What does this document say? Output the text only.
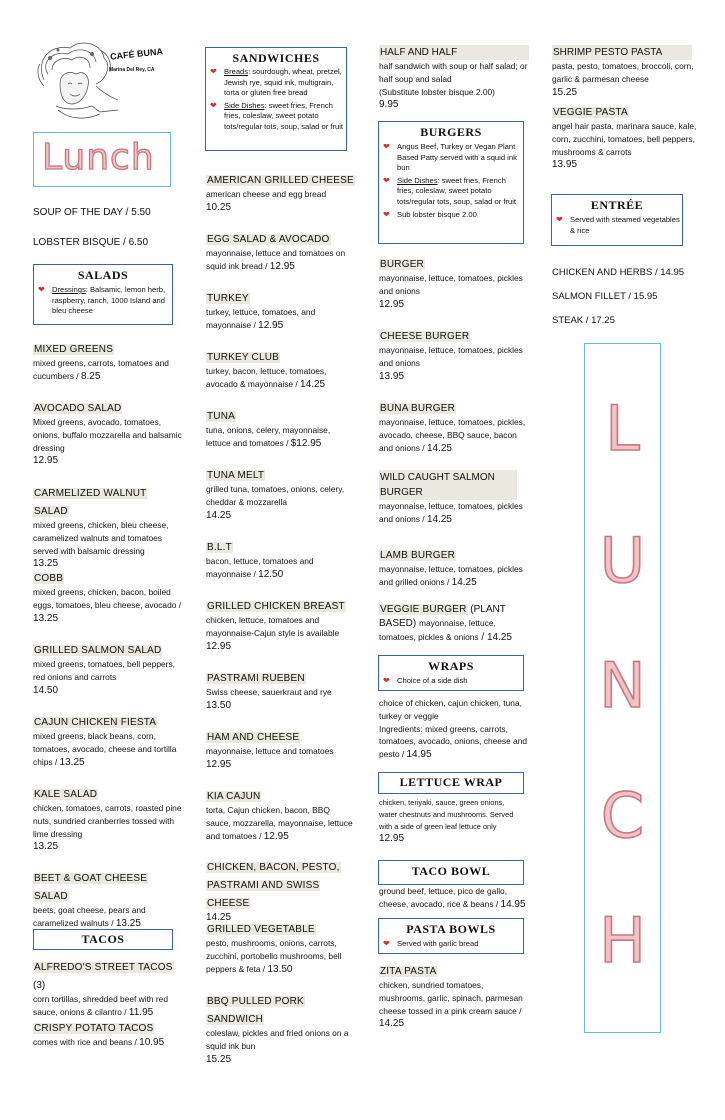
CAFÉ BUNA
Marina Del Rey, CA
Lunch
SOUP OF THE DAY / 5.50
LOBSTER BISQUE / 6.50
SALADS
❤ Dressings: Balsamic, lemon herb, raspberry, ranch, 1000 Island and bleu cheese
MIXED GREENS
mixed greens, carrots, tomatoes and cucumbers / 8.25
AVOCADO SALAD
Mixed greens, avocado, tomatoes, onions, buffalo mozzarella and balsamic dressing
12.95
CARMELIZED WALNUT SALAD
mixed greens, chicken, bleu cheese, caramelized walnuts and tomatoes served with balsamic dressing
13.25
COBB
mixed greens, chicken, bacon, boiled eggs, tomatoes, bleu cheese, avocado / 13.25
GRILLED SALMON SALAD
mixed greens, tomatoes, bell peppers, red onions and carrots
14.50
CAJUN CHICKEN FIESTA
mixed greens, black beans, corn, tomatoes, avocado, cheese and tortilla chips / 13.25
KALE SALAD
chicken, tomatoes, carrots, roasted pine nuts, sundried cranberries tossed with lime dressing
13.25
BEET & GOAT CHEESE SALAD
beets, goat cheese, pears and caramelized walnuts / 13.25
TACOS
ALFREDO'S STREET TACOS (3)
corn tortillas, shredded beef with red sauce, onions & cilantro / 11.95
CRISPY POTATO TACOS
comes with rice and beans / 10.95
SANDWICHES
❤ Breads: sourdough, wheat, pretzel, Jewish rye, squid ink, multigrain, torta or gluten free bread
❤ Side Dishes: sweet fries, French fries, coleslaw, sweet potato tots/regular tots, soup, salad or fruit
AMERICAN GRILLED CHEESE
american cheese and egg bread
10.25
EGG SALAD & AVOCADO
mayonnaise, lettuce and tomatoes on squid ink bread / 12.95
TURKEY
turkey, lettuce, tomatoes, and mayonnaise / 12.95
TURKEY CLUB
turkey, bacon, lettuce, tomatoes, avocado & mayonnaise / 14.25
TUNA
tuna, onions, celery, mayonnaise, lettuce and tomatoes / $12.95
TUNA MELT
grilled tuna, tomatoes, onions, celery, cheddar & mozzarella
14.25
B.L.T
bacon, lettuce, tomatoes and mayonnaise / 12.50
GRILLED CHICKEN BREAST
chicken, lettuce, tomatoes and mayonnaise-Cajun style is available
12.95
PASTRAMI RUEBEN
Swiss cheese, sauerkraut and rye
13.50
HAM AND CHEESE
mayonnaise, lettuce and tomatoes
12.95
KIA CAJUN
torta, Cajun chicken, bacon, BBQ sauce, mozzarella, mayonnaise, lettuce and tomatoes / 12.95
CHICKEN, BACON, PESTO, PASTRAMI AND SWISS CHEESE
14.25
GRILLED VEGETABLE
pesto, mushrooms, onions, carrots, zucchini, portobello mushrooms, bell peppers & feta / 13.50
BBQ PULLED PORK SANDWICH
coleslaw, pickles and fried onions on a squid ink bun
15.25
HALF AND HALF
half sandwich with soup or half salad; or half soup and salad
(Substitute lobster bisque 2.00)
9.95
BURGERS
❤ Angus Beef, Turkey or Vegan Plant Based Patty served with a squid ink bun
❤ Side Dishes: sweet fries, French fries, coleslaw, sweet potato tots/regular tots, soup, salad or fruit
❤ Sub lobster bisque 2.00
BURGER
mayonnaise, lettuce, tomatoes, pickles and onions
12.95
CHEESE BURGER
mayonnaise, lettuce, tomatoes, pickles and onions
13.95
BUNA BURGER
mayonnaise, lettuce, tomatoes, pickles, avocado, cheese, BBQ sauce, bacon and onions / 14.25
WILD CAUGHT SALMON BURGER
mayonnaise, lettuce, tomatoes, pickles and onions / 14.25
LAMB BURGER
mayonnaise, lettuce, tomatoes, pickles and grilled onions / 14.25
VEGGIE BURGER (PLANT BASED) mayonnaise, lettuce, tomatoes, pickles & onions / 14.25
WRAPS
❤ Choice of a side dish
choice of chicken, cajun chicken, tuna, turkey or veggie
Ingredients: mixed greens, carrots, tomatoes, avocado, onions, cheese and pesto / 14.95
LETTUCE WRAP
chicken, teriyaki, sauce, green onions, water chestnuts and mushrooms. Served with a side of green leaf lettuce only
12.95
TACO BOWL
ground beef, lettuce, pico de gallo, cheese, avocado, rice & beans / 14.95
PASTA BOWLS
❤ Served with garlic bread
ZITA PASTA
chicken, sundried tomatoes, mushrooms, garlic, spinach, parmesan cheese tossed in a pink cream sauce / 14.25
SHRIMP PESTO PASTA
pasta, pesto, tomatoes, broccoli, corn, garlic & parmesan cheese
15.25
VEGGIE PASTA
angel hair pasta, marinara sauce, kale, corn, zucchini, tomatoes, bell peppers, mushrooms & carrots
13.95
ENTRÉE
❤ Served with steamed vegetables & rice
CHICKEN AND HERBS / 14.95
SALMON FILLET / 15.95
STEAK / 17.25
L
U
N
C
H
